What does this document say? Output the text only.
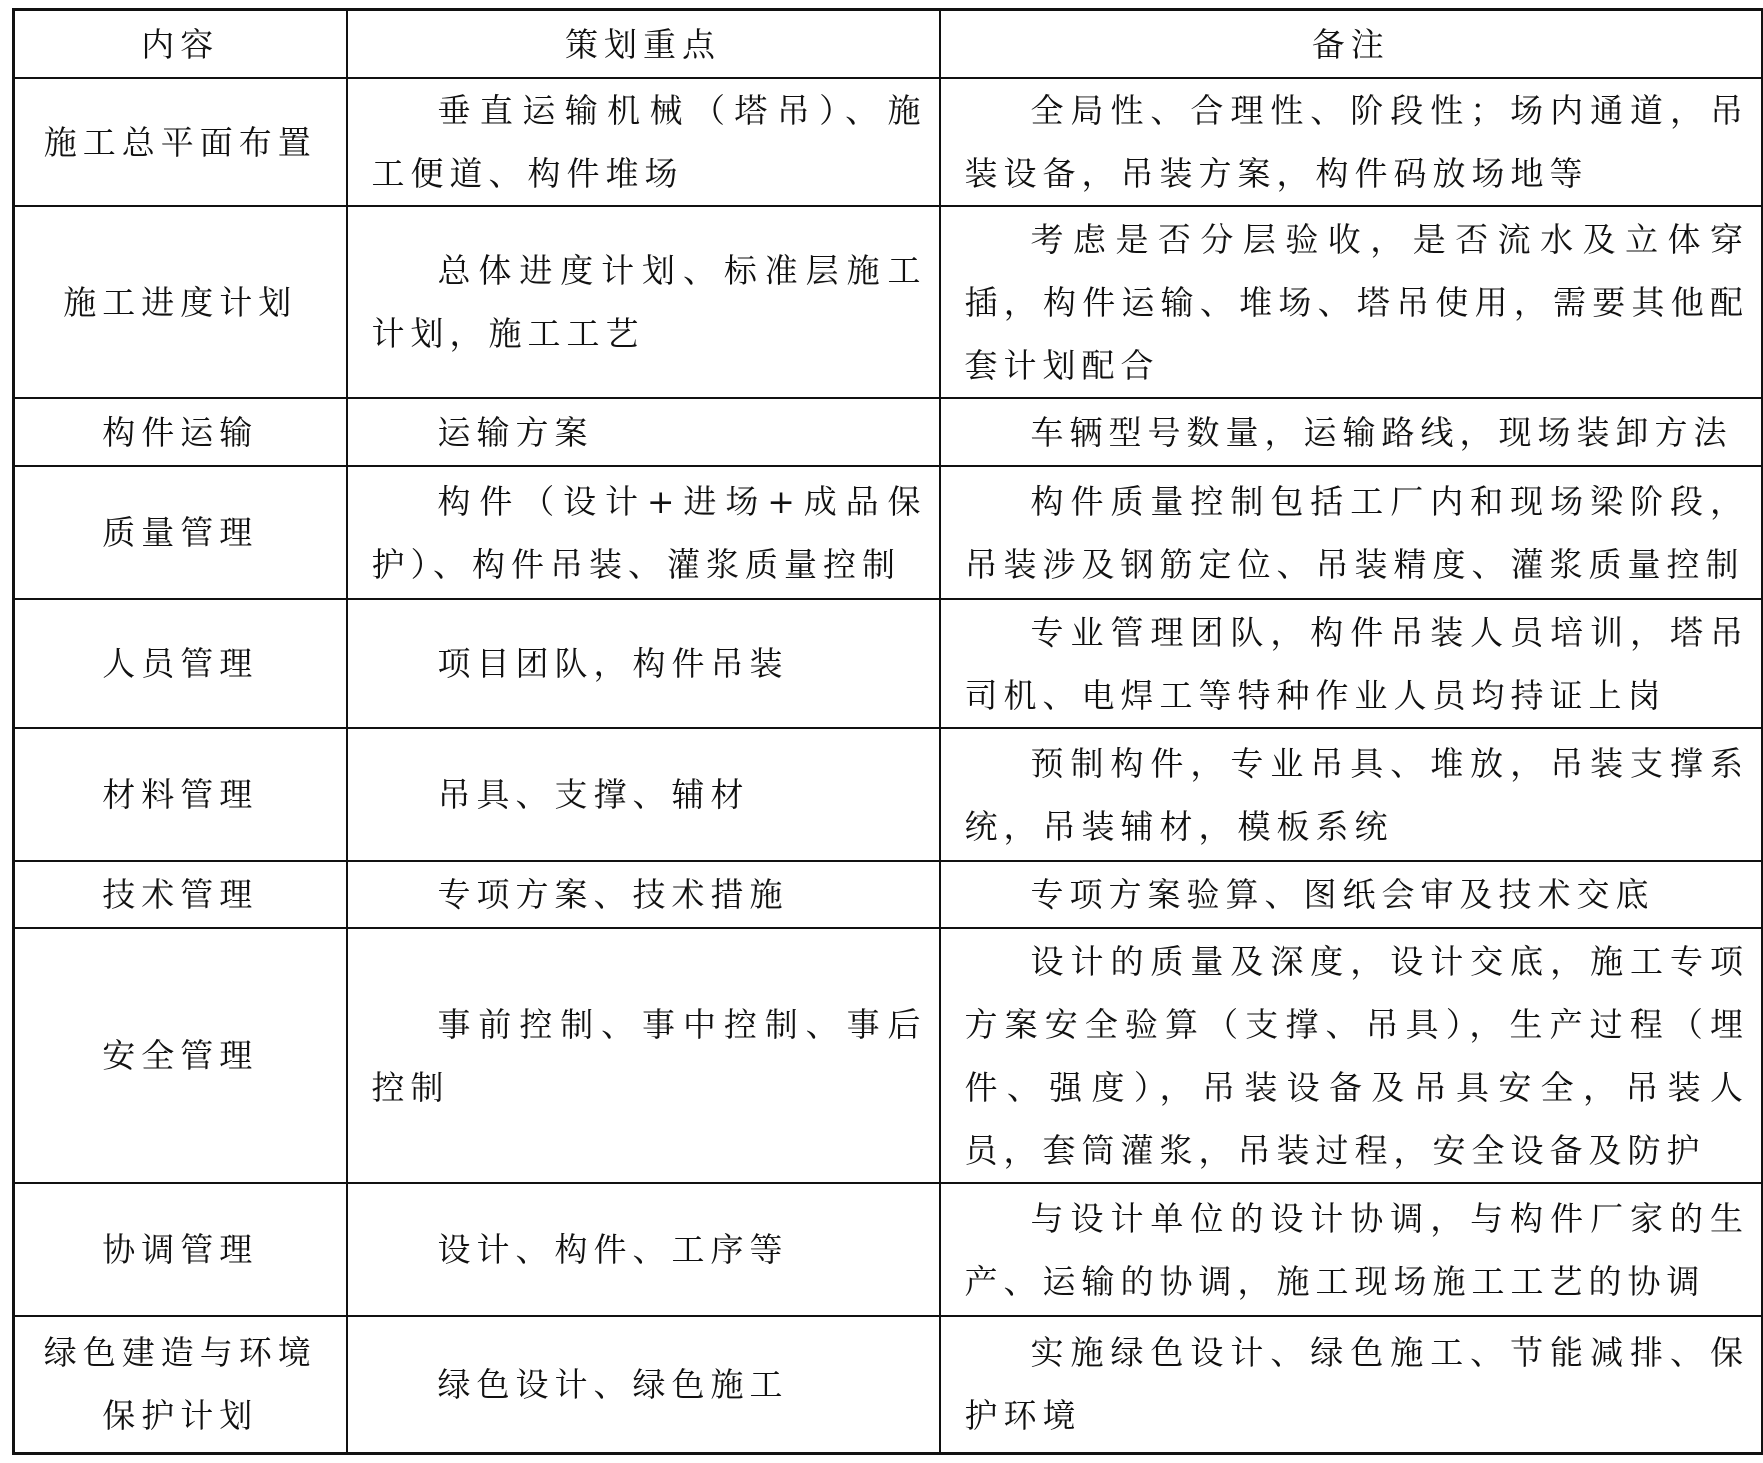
内容	策划重点	备注
施工总平面布置	垂直运输机械（塔吊）、施工便道、构件堆场	全局性、合理性、阶段性；场内通道，吊装设备，吊装方案，构件码放场地等
施工进度计划	总体进度计划、标准层施工计划，施工工艺	考虑是否分层验收，是否流水及立体穿插，构件运输、堆场、塔吊使用，需要其他配套计划配合
构件运输	运输方案	车辆型号数量，运输路线，现场装卸方法
质量管理	构件（设计+进场+成品保护）、构件吊装、灌浆质量控制	构件质量控制包括工厂内和现场梁阶段，吊装涉及钢筋定位、吊装精度、灌浆质量控制
人员管理	项目团队，构件吊装	专业管理团队，构件吊装人员培训，塔吊司机、电焊工等特种作业人员均持证上岗
材料管理	吊具、支撑、辅材	预制构件，专业吊具、堆放，吊装支撑系统，吊装辅材，模板系统
技术管理	专项方案、技术措施	专项方案验算、图纸会审及技术交底
安全管理	事前控制、事中控制、事后控制	设计的质量及深度，设计交底，施工专项方案安全验算（支撑、吊具），生产过程（埋件、强度），吊装设备及吊具安全，吊装人员，套筒灌浆，吊装过程，安全设备及防护
协调管理	设计、构件、工序等	与设计单位的设计协调，与构件厂家的生产、运输的协调，施工现场施工工艺的协调
绿色建造与环境保护计划	绿色设计、绿色施工	实施绿色设计、绿色施工、节能减排、保护环境
